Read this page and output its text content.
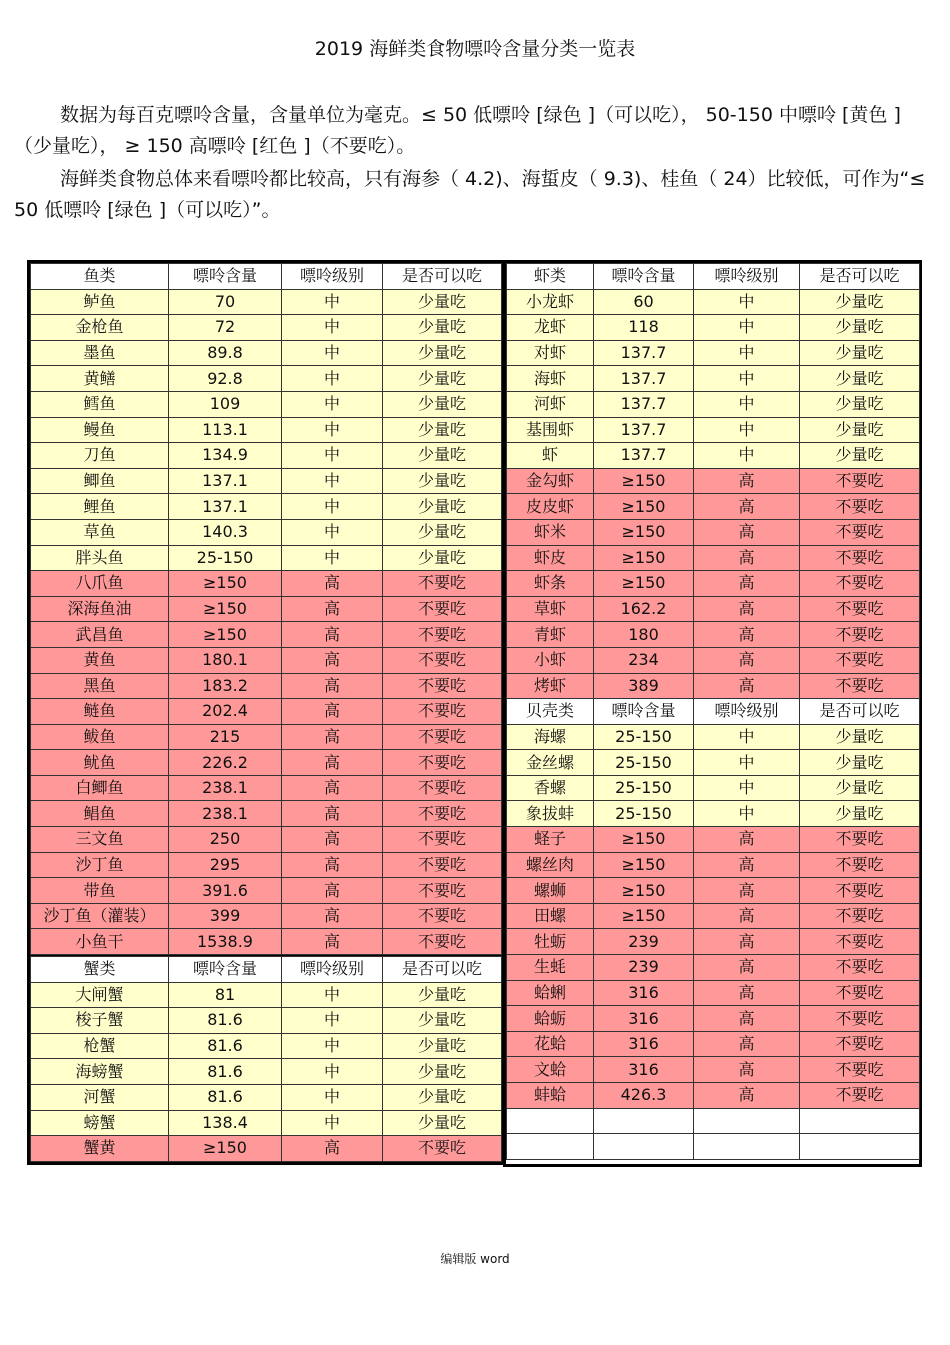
2019 海鲜类食物嘌呤含量分类一览表
数据为每百克嘌呤含量，含量单位为毫克。≤ 50 低嘌呤 [绿色 ]（可以吃）， 50-150 中嘌呤 [黄色 ]（少量吃）， ≥ 150 高嘌呤 [红色 ]（不要吃）。
海鲜类食物总体来看嘌呤都比较高，只有海参（ 4.2)、海蜇皮（ 9.3)、桂鱼（ 24）比较低，可作为“≤ 50 低嘌呤 [绿色 ]（可以吃）”。
鱼类	嘌呤含量	嘌呤级别	是否可以吃
鲈鱼	70	中	少量吃
金枪鱼	72	中	少量吃
墨鱼	89.8	中	少量吃
黄鳝	92.8	中	少量吃
鳕鱼	109	中	少量吃
鳗鱼	113.1	中	少量吃
刀鱼	134.9	中	少量吃
鲫鱼	137.1	中	少量吃
鲤鱼	137.1	中	少量吃
草鱼	140.3	中	少量吃
胖头鱼	25-150	中	少量吃
八爪鱼	≥150	高	不要吃
深海鱼油	≥150	高	不要吃
武昌鱼	≥150	高	不要吃
黄鱼	180.1	高	不要吃
黑鱼	183.2	高	不要吃
鲢鱼	202.4	高	不要吃
鲅鱼	215	高	不要吃
鱿鱼	226.2	高	不要吃
白鲫鱼	238.1	高	不要吃
鲳鱼	238.1	高	不要吃
三文鱼	250	高	不要吃
沙丁鱼	295	高	不要吃
带鱼	391.6	高	不要吃
沙丁鱼（灌装）	399	高	不要吃
小鱼干	1538.9	高	不要吃
蟹类	嘌呤含量	嘌呤级别	是否可以吃
大闸蟹	81	中	少量吃
梭子蟹	81.6	中	少量吃
枪蟹	81.6	中	少量吃
海螃蟹	81.6	中	少量吃
河蟹	81.6	中	少量吃
螃蟹	138.4	中	少量吃
蟹黄	≥150	高	不要吃
虾类	嘌呤含量	嘌呤级别	是否可以吃
小龙虾	60	中	少量吃
龙虾	118	中	少量吃
对虾	137.7	中	少量吃
海虾	137.7	中	少量吃
河虾	137.7	中	少量吃
基围虾	137.7	中	少量吃
虾	137.7	中	少量吃
金勾虾	≥150	高	不要吃
皮皮虾	≥150	高	不要吃
虾米	≥150	高	不要吃
虾皮	≥150	高	不要吃
虾条	≥150	高	不要吃
草虾	162.2	高	不要吃
青虾	180	高	不要吃
小虾	234	高	不要吃
烤虾	389	高	不要吃
贝壳类	嘌呤含量	嘌呤级别	是否可以吃
海螺	25-150	中	少量吃
金丝螺	25-150	中	少量吃
香螺	25-150	中	少量吃
象拔蚌	25-150	中	少量吃
蛏子	≥150	高	不要吃
螺丝肉	≥150	高	不要吃
螺蛳	≥150	高	不要吃
田螺	≥150	高	不要吃
牡蛎	239	高	不要吃
生蚝	239	高	不要吃
蛤蜊	316	高	不要吃
蛤蛎	316	高	不要吃
花蛤	316	高	不要吃
文蛤	316	高	不要吃
蚌蛤	426.3	高	不要吃

编辑版 word
